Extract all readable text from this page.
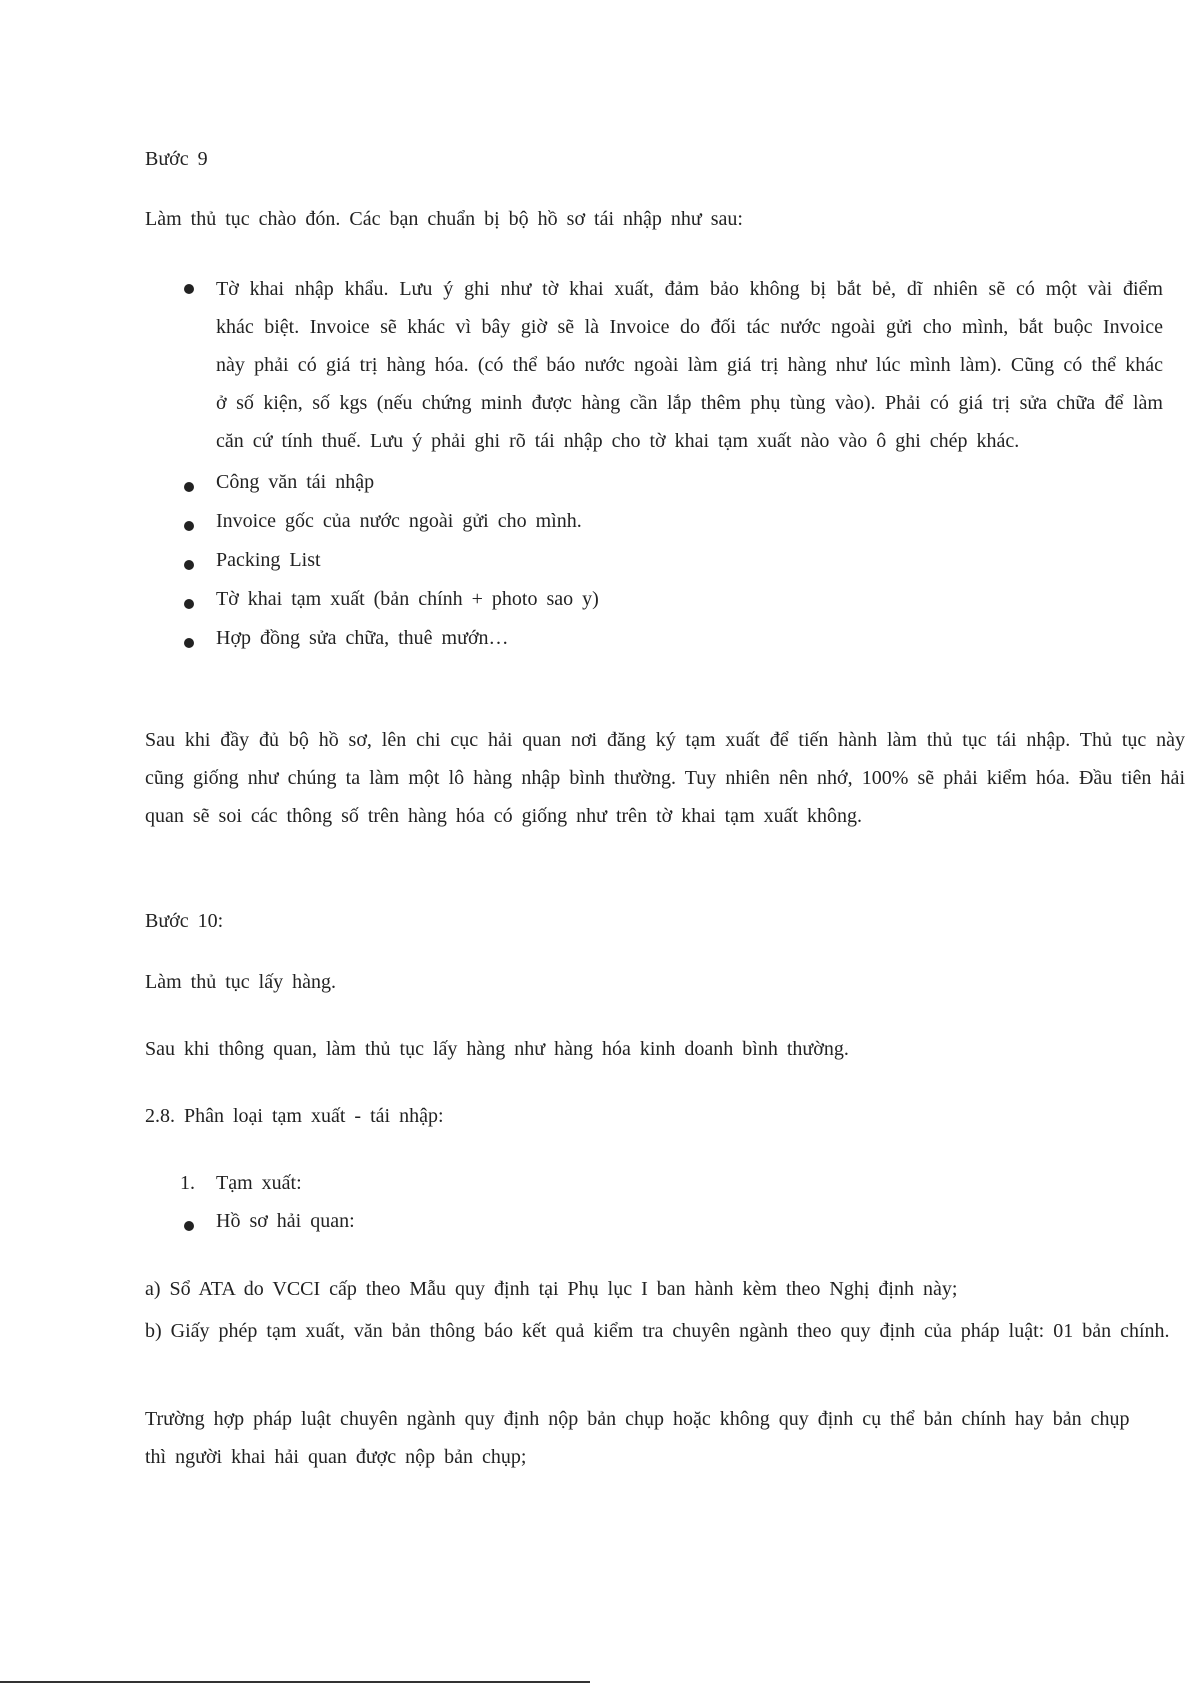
Bước 9

Làm thủ tục chào đón. Các bạn chuẩn bị bộ hồ sơ tái nhập như sau:

Tờ khai nhập khẩu. Lưu ý ghi như tờ khai xuất, đảm bảo không bị bắt bẻ, dĩ nhiên sẽ có một vài điểm khác biệt. Invoice sẽ khác vì bây giờ sẽ là Invoice do đối tác nước ngoài gửi cho mình, bắt buộc Invoice này phải có giá trị hàng hóa. (có thể báo nước ngoài làm giá trị hàng như lúc mình làm). Cũng có thể khác ở số kiện, số kgs (nếu chứng minh được hàng cần lắp thêm phụ tùng vào). Phải có giá trị sửa chữa để làm căn cứ tính thuế. Lưu ý phải ghi rõ tái nhập cho tờ khai tạm xuất nào vào ô ghi chép khác.
Công văn tái nhập
Invoice gốc của nước ngoài gửi cho mình.
Packing List
Tờ khai tạm xuất (bản chính + photo sao y)
Hợp đồng sửa chữa, thuê mướn…

Sau khi đầy đủ bộ hồ sơ, lên chi cục hải quan nơi đăng ký tạm xuất để tiến hành làm thủ tục tái nhập. Thủ tục này cũng giống như chúng ta làm một lô hàng nhập bình thường. Tuy nhiên nên nhớ, 100% sẽ phải kiểm hóa. Đầu tiên hải quan sẽ soi các thông số trên hàng hóa có giống như trên tờ khai tạm xuất không.

Bước 10:

Làm thủ tục lấy hàng.

Sau khi thông quan, làm thủ tục lấy hàng như hàng hóa kinh doanh bình thường.

2.8. Phân loại tạm xuất - tái nhập:

1. Tạm xuất:
Hồ sơ hải quan:

a) Sổ ATA do VCCI cấp theo Mẫu quy định tại Phụ lục I ban hành kèm theo Nghị định này;

b) Giấy phép tạm xuất, văn bản thông báo kết quả kiểm tra chuyên ngành theo quy định của pháp luật: 01 bản chính.

Trường hợp pháp luật chuyên ngành quy định nộp bản chụp hoặc không quy định cụ thể bản chính hay bản chụp thì người khai hải quan được nộp bản chụp;
